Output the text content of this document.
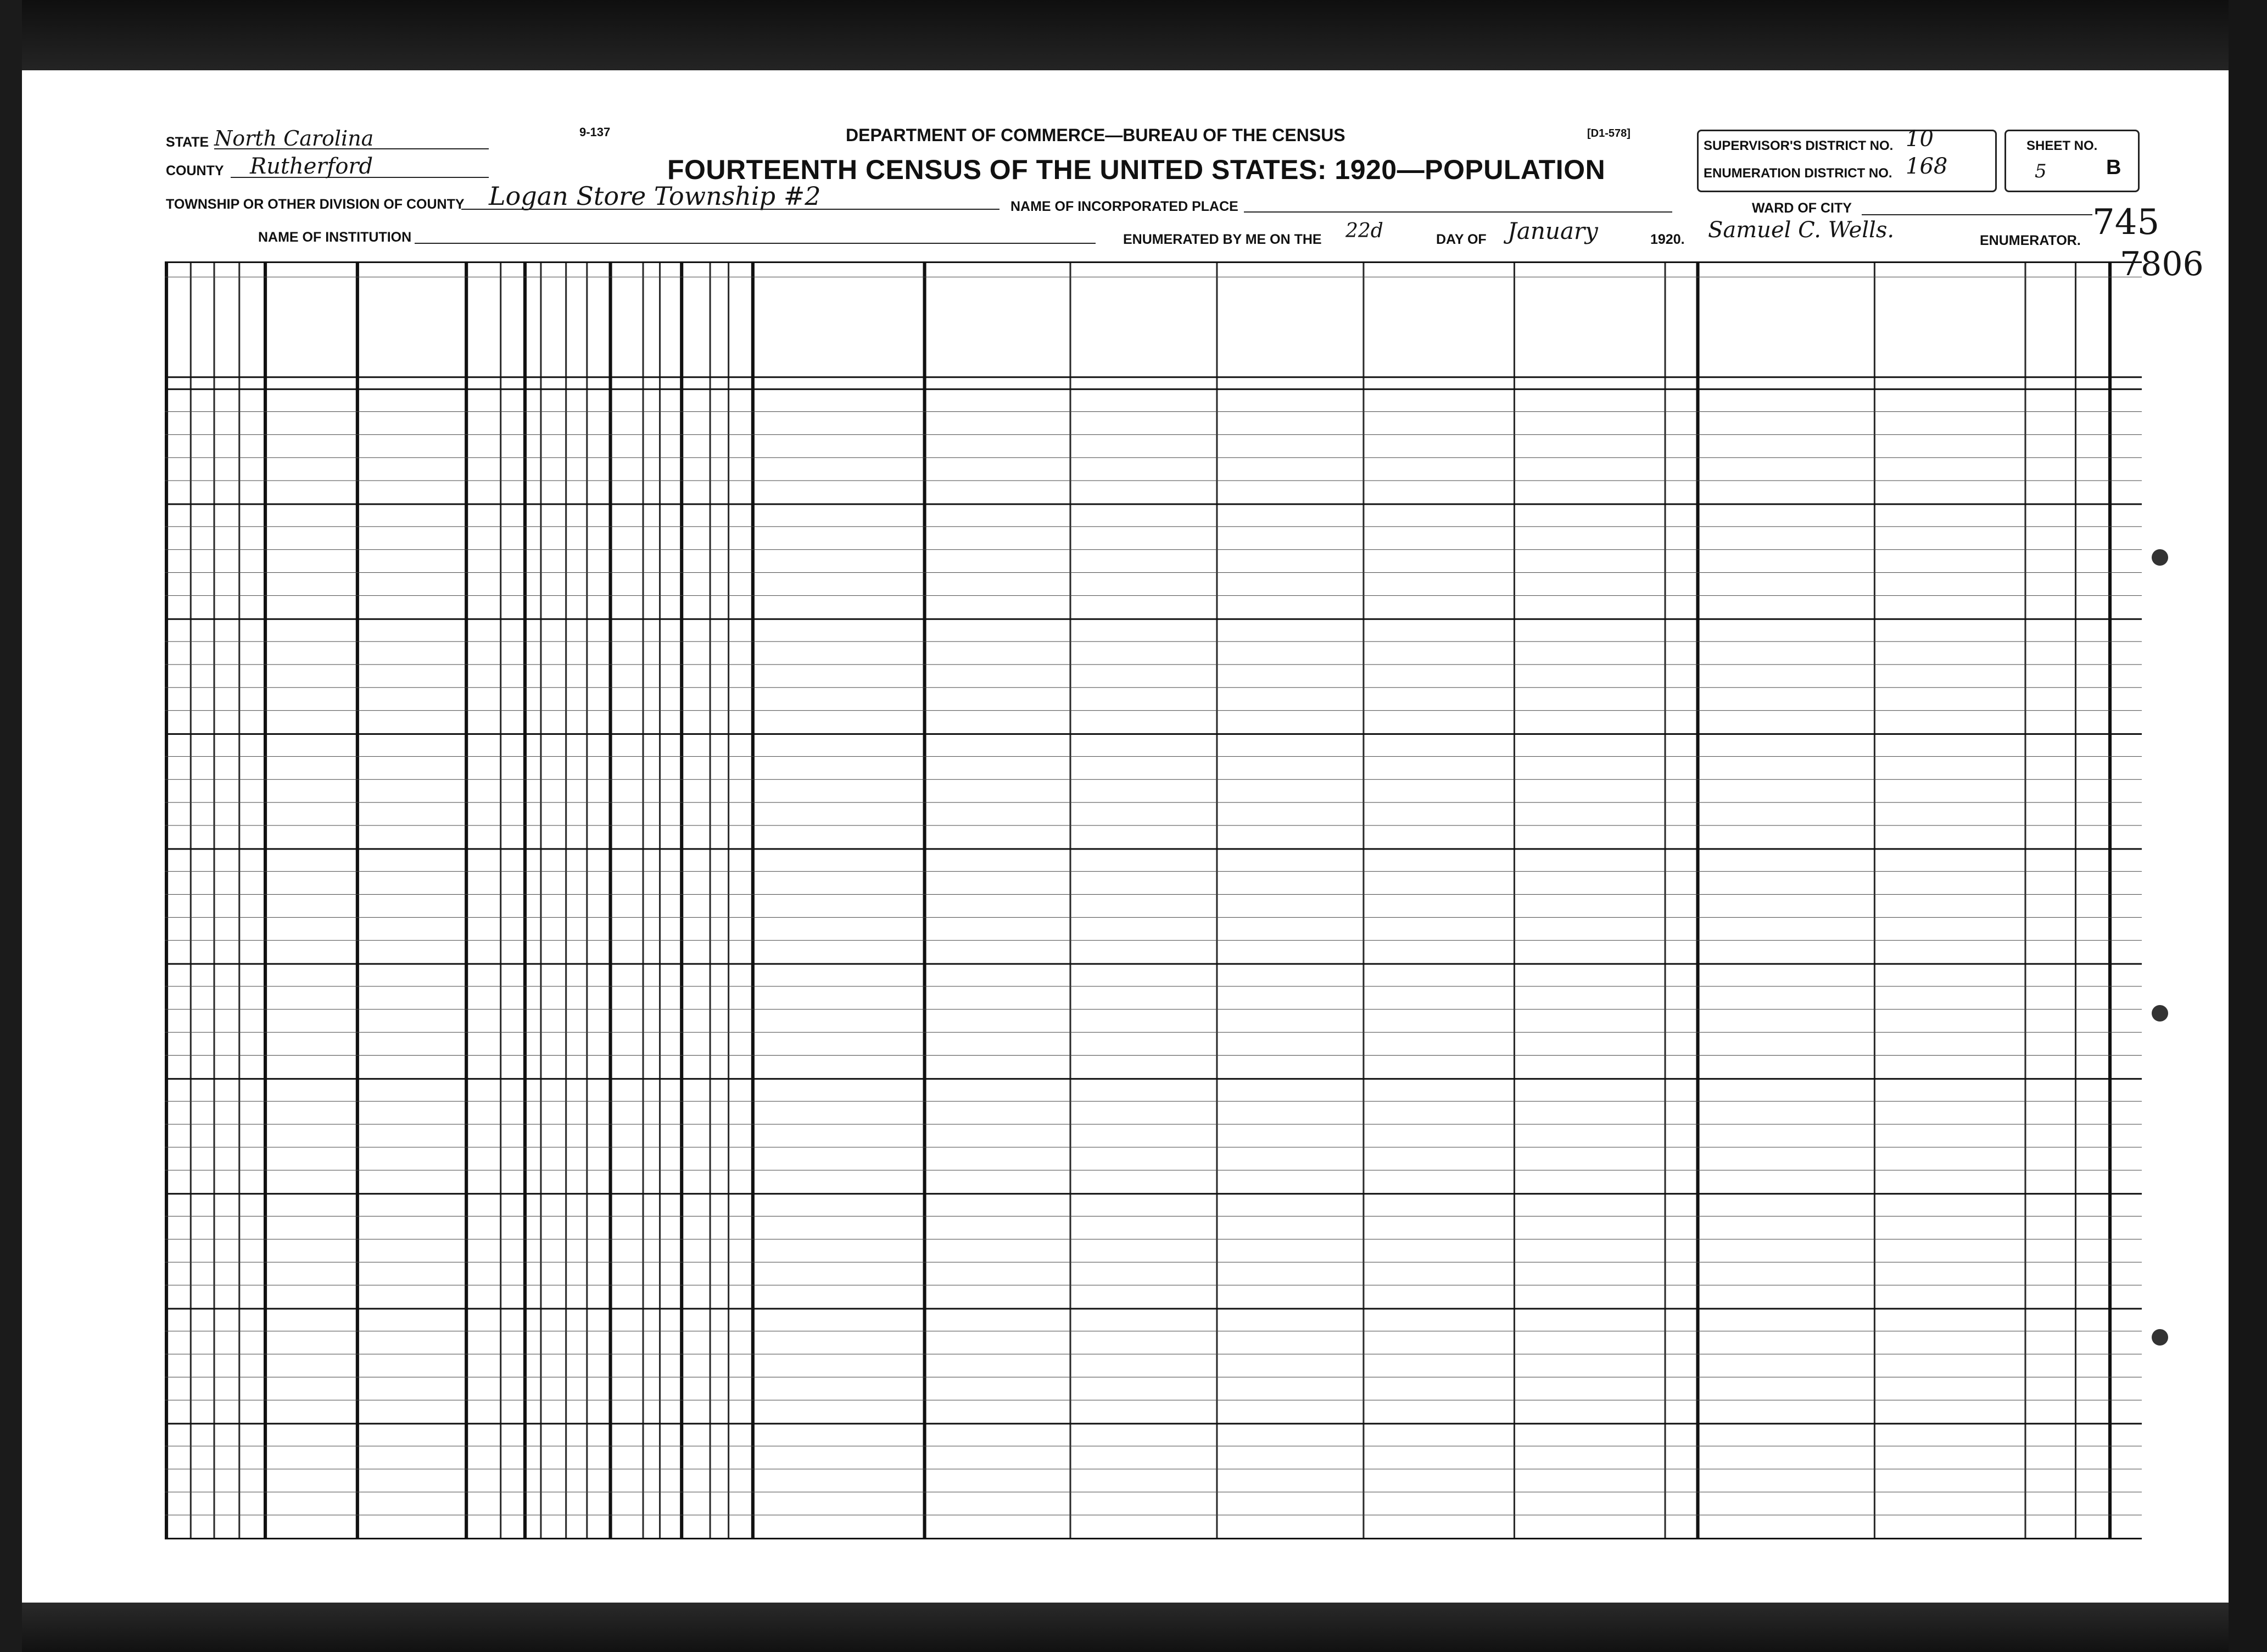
9-137	DEPARTMENT OF COMMERCE—BUREAU OF THE CENSUS	[D1-578]
FOURTEENTH CENSUS OF THE UNITED STATES: 1920—POPULATION
STATE North Carolina
COUNTY Rutherford
TOWNSHIP OR OTHER DIVISION OF COUNTY Logan Store Township #2	NAME OF INCORPORATED PLACE	WARD OF CITY
NAME OF INSTITUTION	ENUMERATED BY ME ON THE 22d	DAY OF January	1920. Samuel C. Wells.	ENUMERATOR.
SUPERVISOR'S DISTRICT NO. 10
ENUMERATION DISTRICT NO. 168
SHEET NO.
5	B
745
7806
